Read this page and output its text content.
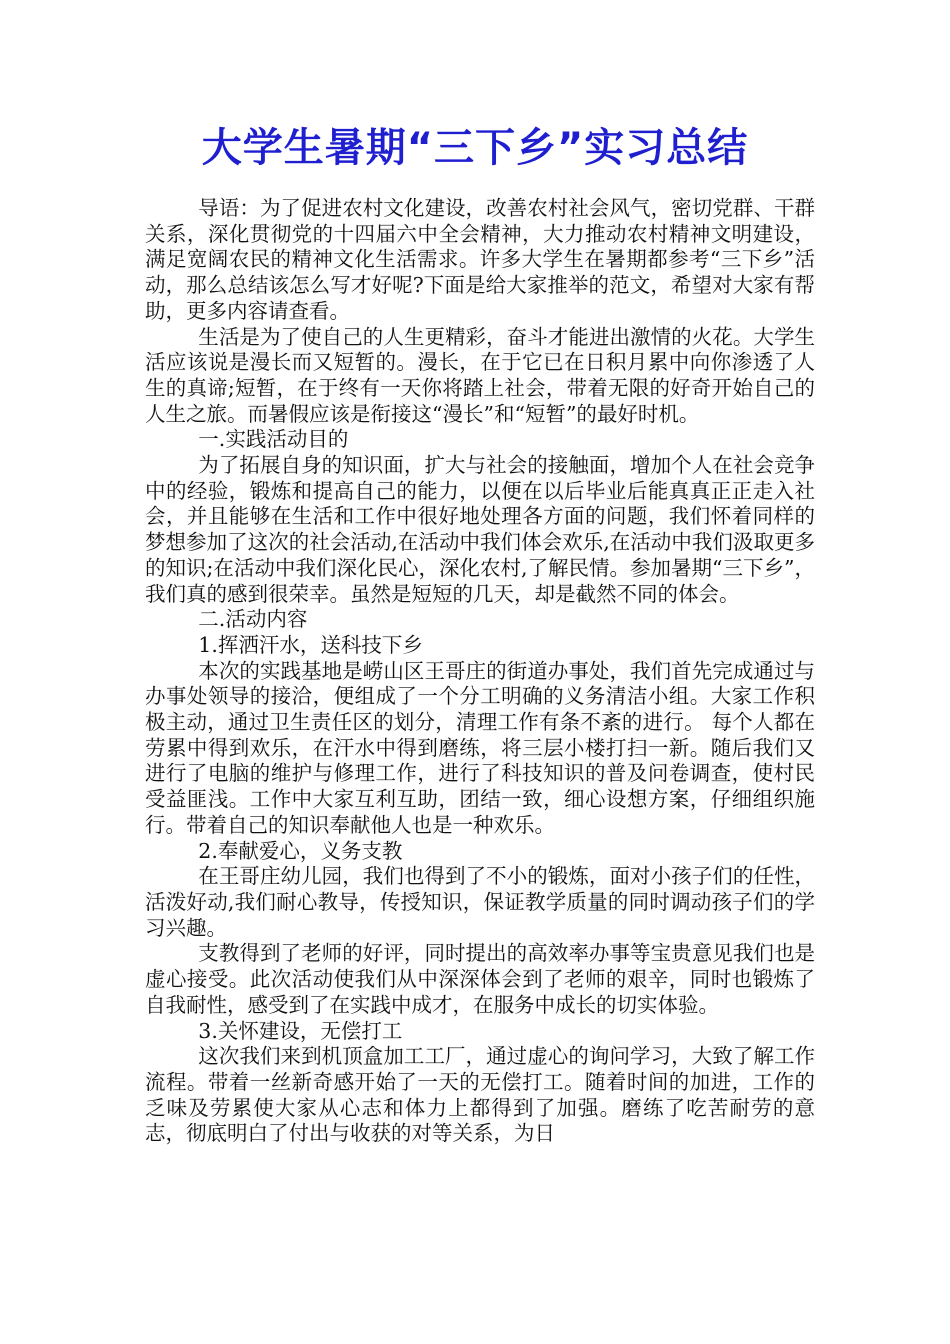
大学生暑期“三下乡”实习总结

导语：为了促进农村文化建设，改善农村社会风气，密切党群、干群关系，深化贯彻党的十四届六中全会精神，大力推动农村精神文明建设，满足宽阔农民的精神文化生活需求。许多大学生在暑期都参考“三下乡”活动，那么总结该怎么写才好呢?下面是给大家推举的范文，希望对大家有帮助，更多内容请查看。

生活是为了使自己的人生更精彩，奋斗才能进出激情的火花。大学生活应该说是漫长而又短暂的。漫长，在于它已在日积月累中向你渗透了人生的真谛;短暂，在于终有一天你将踏上社会，带着无限的好奇开始自己的人生之旅。而暑假应该是衔接这“漫长”和“短暂”的最好时机。

一.实践活动目的

为了拓展自身的知识面，扩大与社会的接触面，增加个人在社会竞争中的经验，锻炼和提高自己的能力，以便在以后毕业后能真真正正走入社会，并且能够在生活和工作中很好地处理各方面的问题，我们怀着同样的梦想参加了这次的社会活动,在活动中我们体会欢乐,在活动中我们汲取更多的知识;在活动中我们深化民心，深化农村,了解民情。参加暑期“三下乡”，我们真的感到很荣幸。虽然是短短的几天，却是截然不同的体会。

二.活动内容

1.挥洒汗水，送科技下乡

本次的实践基地是崂山区王哥庄的街道办事处，我们首先完成通过与办事处领导的接洽，便组成了一个分工明确的义务清洁小组。大家工作积极主动，通过卫生责任区的划分，清理工作有条不紊的进行。 每个人都在劳累中得到欢乐，在汗水中得到磨练，将三层小楼打扫一新。随后我们又进行了电脑的维护与修理工作，进行了科技知识的普及问卷调查，使村民受益匪浅。工作中大家互利互助，团结一致，细心设想方案，仔细组织施行。带着自己的知识奉献他人也是一种欢乐。

2.奉献爱心，义务支教

在王哥庄幼儿园，我们也得到了不小的锻炼，面对小孩子们的任性，活泼好动,我们耐心教导，传授知识，保证教学质量的同时调动孩子们的学习兴趣。

支教得到了老师的好评，同时提出的高效率办事等宝贵意见我们也是虚心接受。此次活动使我们从中深深体会到了老师的艰辛，同时也锻炼了自我耐性，感受到了在实践中成才，在服务中成长的切实体验。

3.关怀建设，无偿打工

这次我们来到机顶盒加工工厂，通过虚心的询问学习，大致了解工作流程。带着一丝新奇感开始了一天的无偿打工。随着时间的加进，工作的乏味及劳累使大家从心志和体力上都得到了加强。磨练了吃苦耐劳的意志，彻底明白了付出与收获的对等关系，为日
